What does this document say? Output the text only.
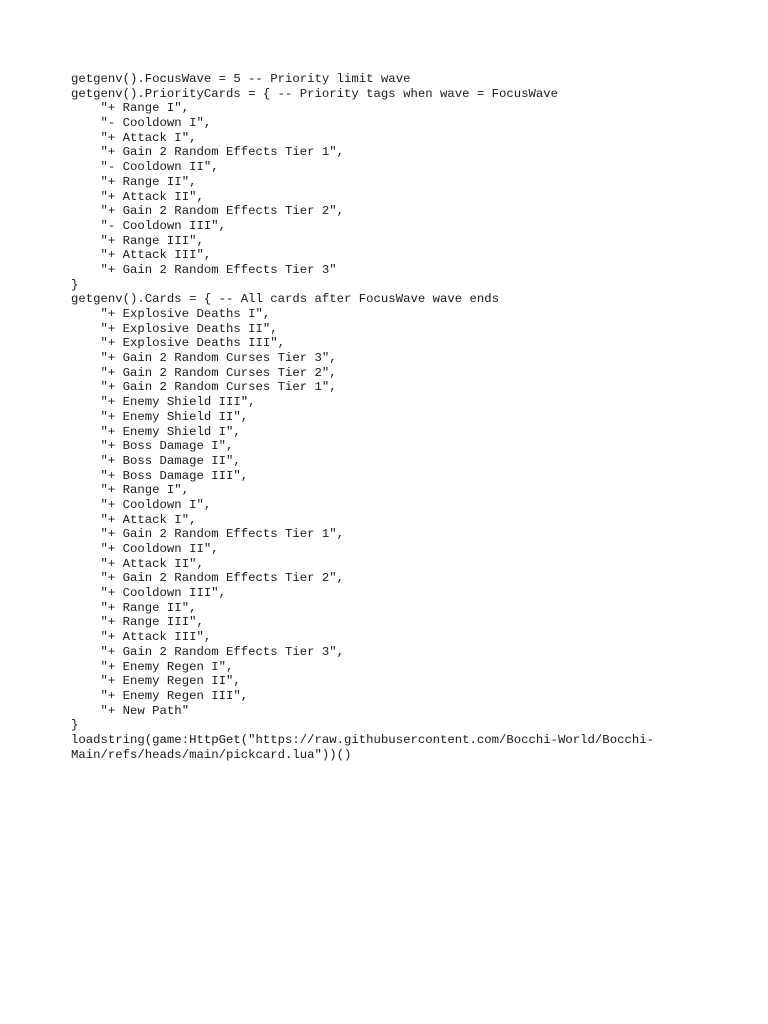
getgenv().FocusWave = 5 -- Priority limit wave
getgenv().PriorityCards = { -- Priority tags when wave = FocusWave
"+ Range I",
"- Cooldown I",
"+ Attack I",
"+ Gain 2 Random Effects Tier 1",
"- Cooldown II",
"+ Range II",
"+ Attack II",
"+ Gain 2 Random Effects Tier 2",
"- Cooldown III",
"+ Range III",
"+ Attack III",
"+ Gain 2 Random Effects Tier 3"
}
getgenv().Cards = { -- All cards after FocusWave wave ends
"+ Explosive Deaths I",
"+ Explosive Deaths II",
"+ Explosive Deaths III",
"+ Gain 2 Random Curses Tier 3",
"+ Gain 2 Random Curses Tier 2",
"+ Gain 2 Random Curses Tier 1",
"+ Enemy Shield III",
"+ Enemy Shield II",
"+ Enemy Shield I",
"+ Boss Damage I",
"+ Boss Damage II",
"+ Boss Damage III",
"+ Range I",
"+ Cooldown I",
"+ Attack I",
"+ Gain 2 Random Effects Tier 1",
"+ Cooldown II",
"+ Attack II",
"+ Gain 2 Random Effects Tier 2",
"+ Cooldown III",
"+ Range II",
"+ Range III",
"+ Attack III",
"+ Gain 2 Random Effects Tier 3",
"+ Enemy Regen I",
"+ Enemy Regen II",
"+ Enemy Regen III",
"+ New Path"
}
loadstring(game:HttpGet("https://raw.githubusercontent.com/Bocchi-World/Bocchi-
Main/refs/heads/main/pickcard.lua"))()
